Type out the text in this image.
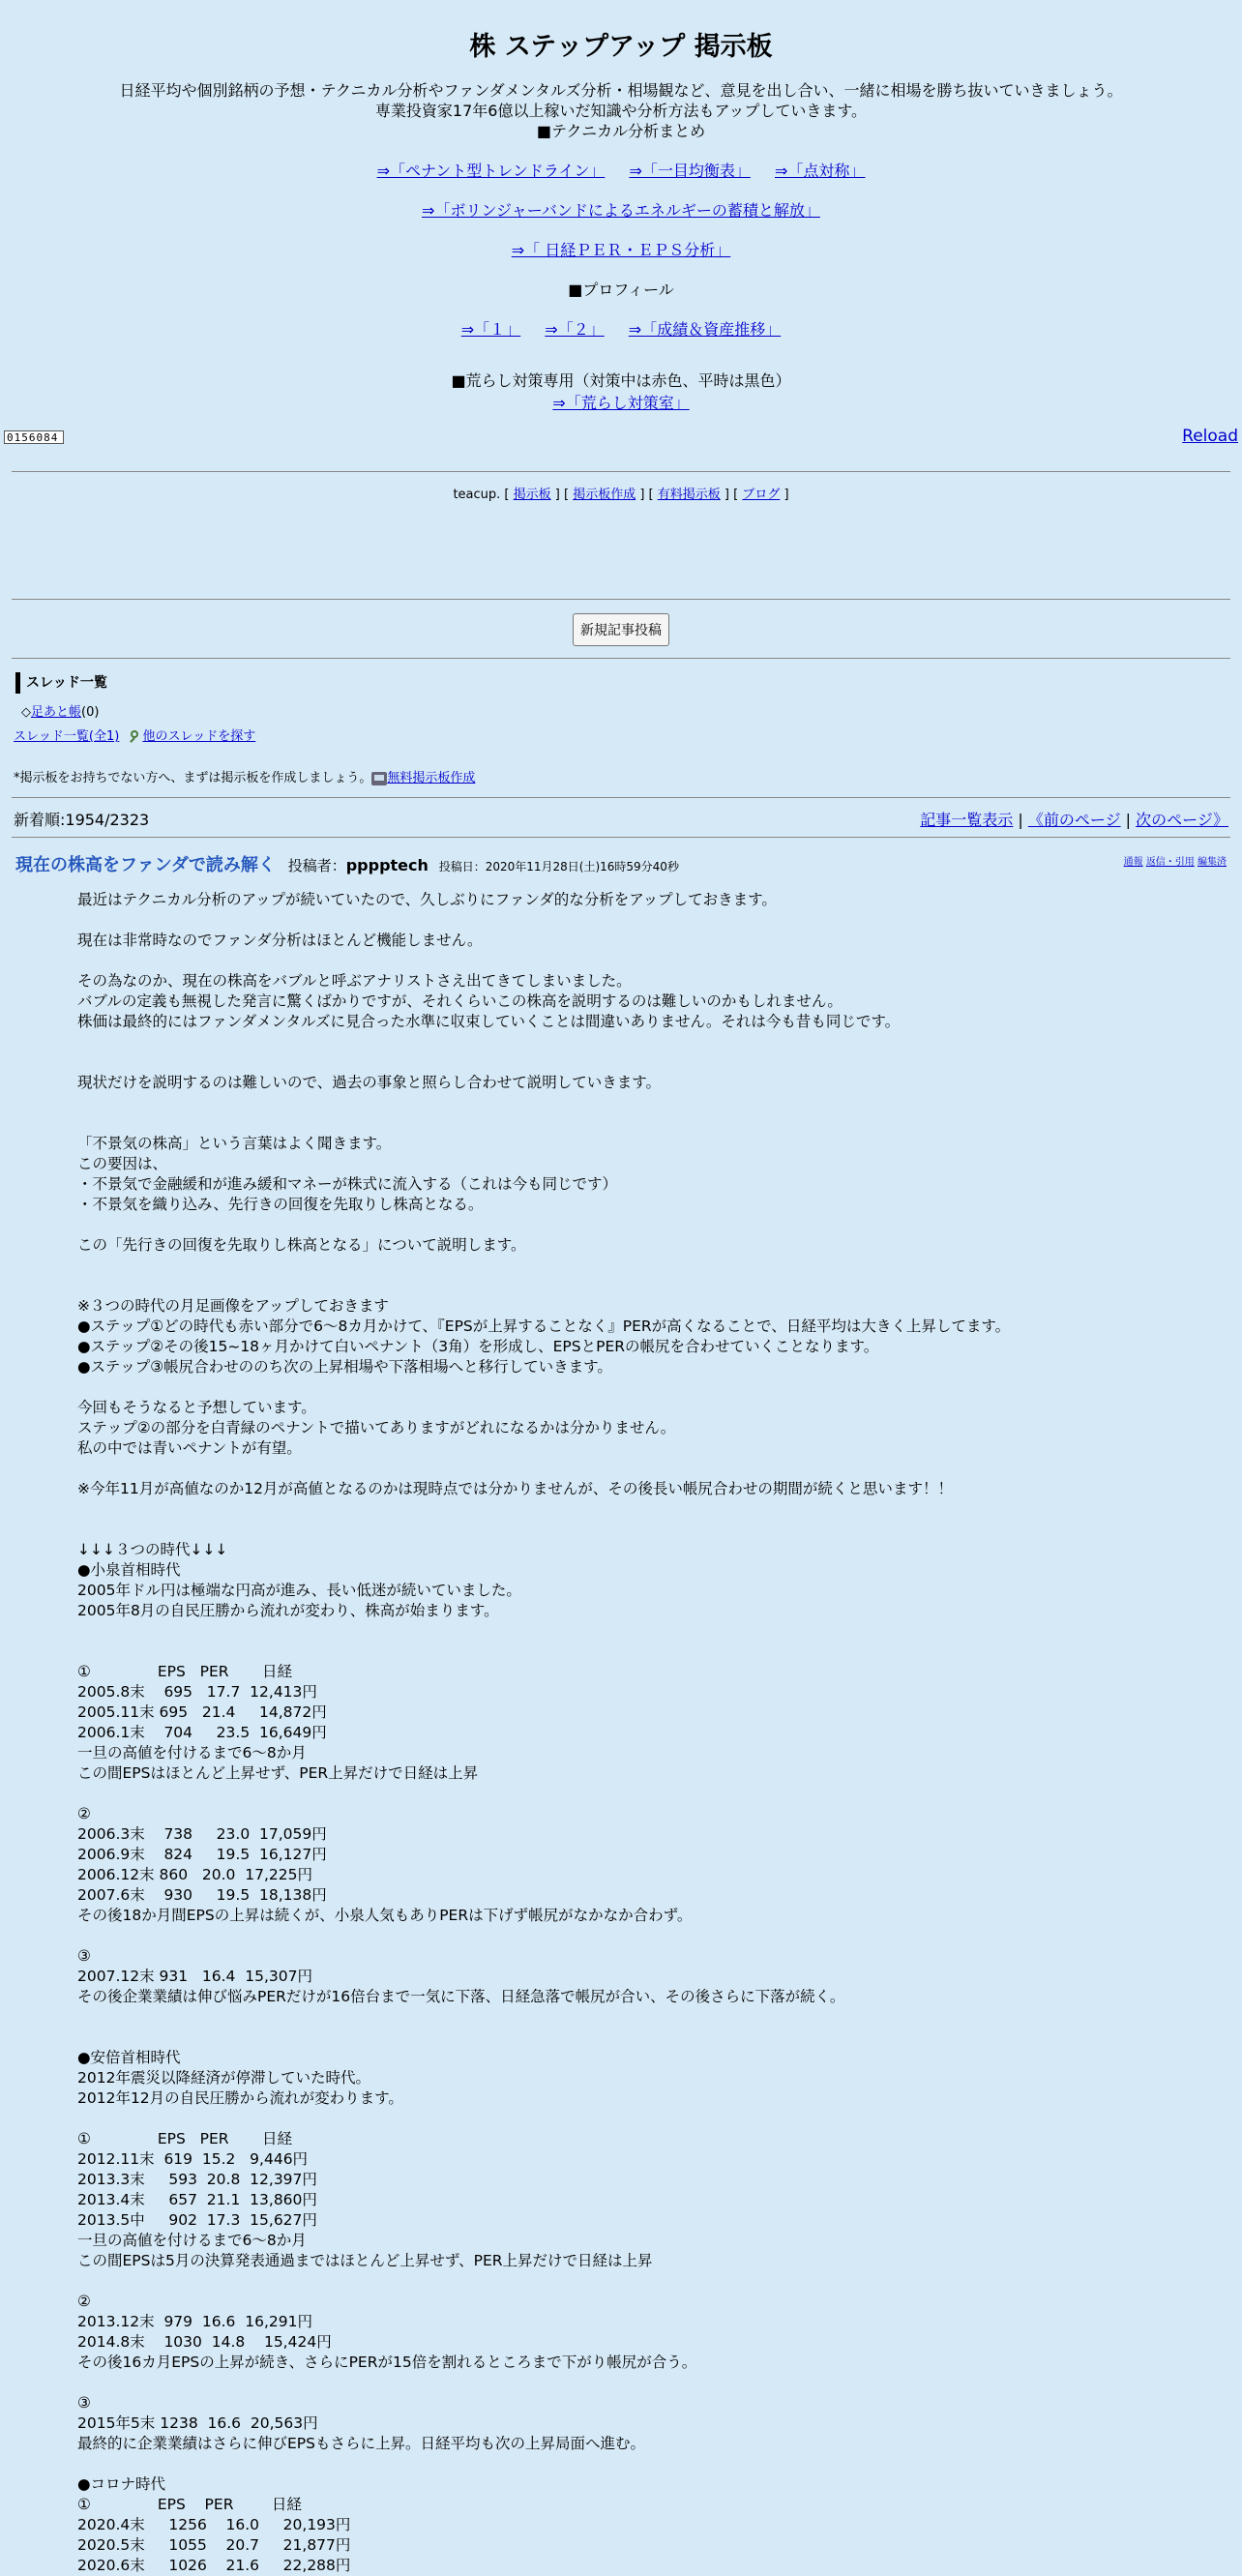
株 ステップアップ 掲示板
日経平均や個別銘柄の予想・テクニカル分析やファンダメンタルズ分析・相場観など、意見を出し合い、一緒に相場を勝ち抜いていきましょう。
専業投資家17年6億以上稼いだ知識や分析方法もアップしていきます。
■テクニカル分析まとめ
⇒「ペナント型トレンドライン」 ⇒「一目均衡表」 ⇒「点対称」
⇒「ボリンジャーバンドによるエネルギーの蓄積と解放」
⇒「 日経ＰＥＲ・ＥＰＳ分析」
■プロフィール
⇒「１」 ⇒「２」 ⇒「成績＆資産推移」
■荒らし対策専用（対策中は赤色、平時は黒色）
⇒「荒らし対策室」
0156084	Reload
teacup. [ 掲示板 ] [ 掲示板作成 ] [ 有料掲示板 ] [ ブログ ]
新規記事投稿
スレッド一覧
◇足あと帳(0)
スレッド一覧(全1) 他のスレッドを探す
*掲示板をお持ちでない方へ、まずは掲示板を作成しましょう。 無料掲示板作成
新着順:1954/2323	記事一覧表示 | 《前のページ | 次のページ》
現在の株高をファンダで読み解く 投稿者：pppptech 投稿日：2020年11月28日(土)16時59分40秒	通報 返信・引用 編集済
最近はテクニカル分析のアップが続いていたので、久しぶりにファンダ的な分析をアップしておきます。

現在は非常時なのでファンダ分析はほとんど機能しません。

その為なのか、現在の株高をバブルと呼ぶアナリストさえ出てきてしまいました。
バブルの定義も無視した発言に驚くばかりですが、それくらいこの株高を説明するのは難しいのかもしれません。
株価は最終的にはファンダメンタルズに見合った水準に収束していくことは間違いありません。それは今も昔も同じです。

現状だけを説明するのは難しいので、過去の事象と照らし合わせて説明していきます。

「不景気の株高」という言葉はよく聞きます。
この要因は、
・不景気で金融緩和が進み緩和マネーが株式に流入する（これは今も同じです）
・不景気を織り込み、先行きの回復を先取りし株高となる。

この「先行きの回復を先取りし株高となる」について説明します。

※３つの時代の月足画像をアップしておきます
●ステップ①どの時代も赤い部分で6～8カ月かけて、『EPSが上昇することなく』PERが高くなることで、日経平均は大きく上昇してます。
●ステップ②その後15~18ヶ月かけて白いペナント（3角）を形成し、EPSとPERの帳尻を合わせていくことなります。
●ステップ③帳尻合わせののち次の上昇相場や下落相場へと移行していきます。

今回もそうなると予想しています。
ステップ②の部分を白青緑のペナントで描いてありますがどれになるかは分かりません。
私の中では青いペナントが有望。

※今年11月が高値なのか12月が高値となるのかは現時点では分かりませんが、その後長い帳尻合わせの期間が続くと思います！！

↓↓↓３つの時代↓↓↓
●小泉首相時代
2005年ドル円は極端な円高が進み、長い低迷が続いていました。
2005年8月の自民圧勝から流れが変わり、株高が始まります。

①              EPS   PER       日経
2005.8末    695   17.7  12,413円
2005.11末 695   21.4     14,872円
2006.1末    704     23.5  16,649円
一旦の高値を付けるまで6～8か月
この間EPSはほとんど上昇せず、PER上昇だけで日経は上昇

②
2006.3末    738     23.0  17,059円
2006.9末    824     19.5  16,127円
2006.12末 860   20.0  17,225円
2007.6末    930     19.5  18,138円
その後18か月間EPSの上昇は続くが、小泉人気もありPERは下げず帳尻がなかなか合わず。

③
2007.12末 931   16.4  15,307円
その後企業業績は伸び悩みPERだけが16倍台まで一気に下落、日経急落で帳尻が合い、その後さらに下落が続く。

●安倍首相時代
2012年震災以降経済が停滞していた時代。
2012年12月の自民圧勝から流れが変わります。

①              EPS   PER       日経
2012.11末  619  15.2   9,446円
2013.3末     593  20.8  12,397円
2013.4末     657  21.1  13,860円
2013.5中     902  17.3  15,627円
一旦の高値を付けるまで6～8か月
この間EPSは5月の決算発表通過まではほとんど上昇せず、PER上昇だけで日経は上昇

②
2013.12末  979  16.6  16,291円
2014.8末    1030  14.8    15,424円
その後16カ月EPSの上昇が続き、さらにPERが15倍を割れるところまで下がり帳尻が合う。

③
2015年5末 1238  16.6  20,563円
最終的に企業業績はさらに伸びEPSもさらに上昇。日経平均も次の上昇局面へ進む。

●コロナ時代
①              EPS    PER        日経
2020.4末     1256    16.0     20,193円
2020.5末     1055    20.7     21,877円
2020.6末     1026    21.6     22,288円
